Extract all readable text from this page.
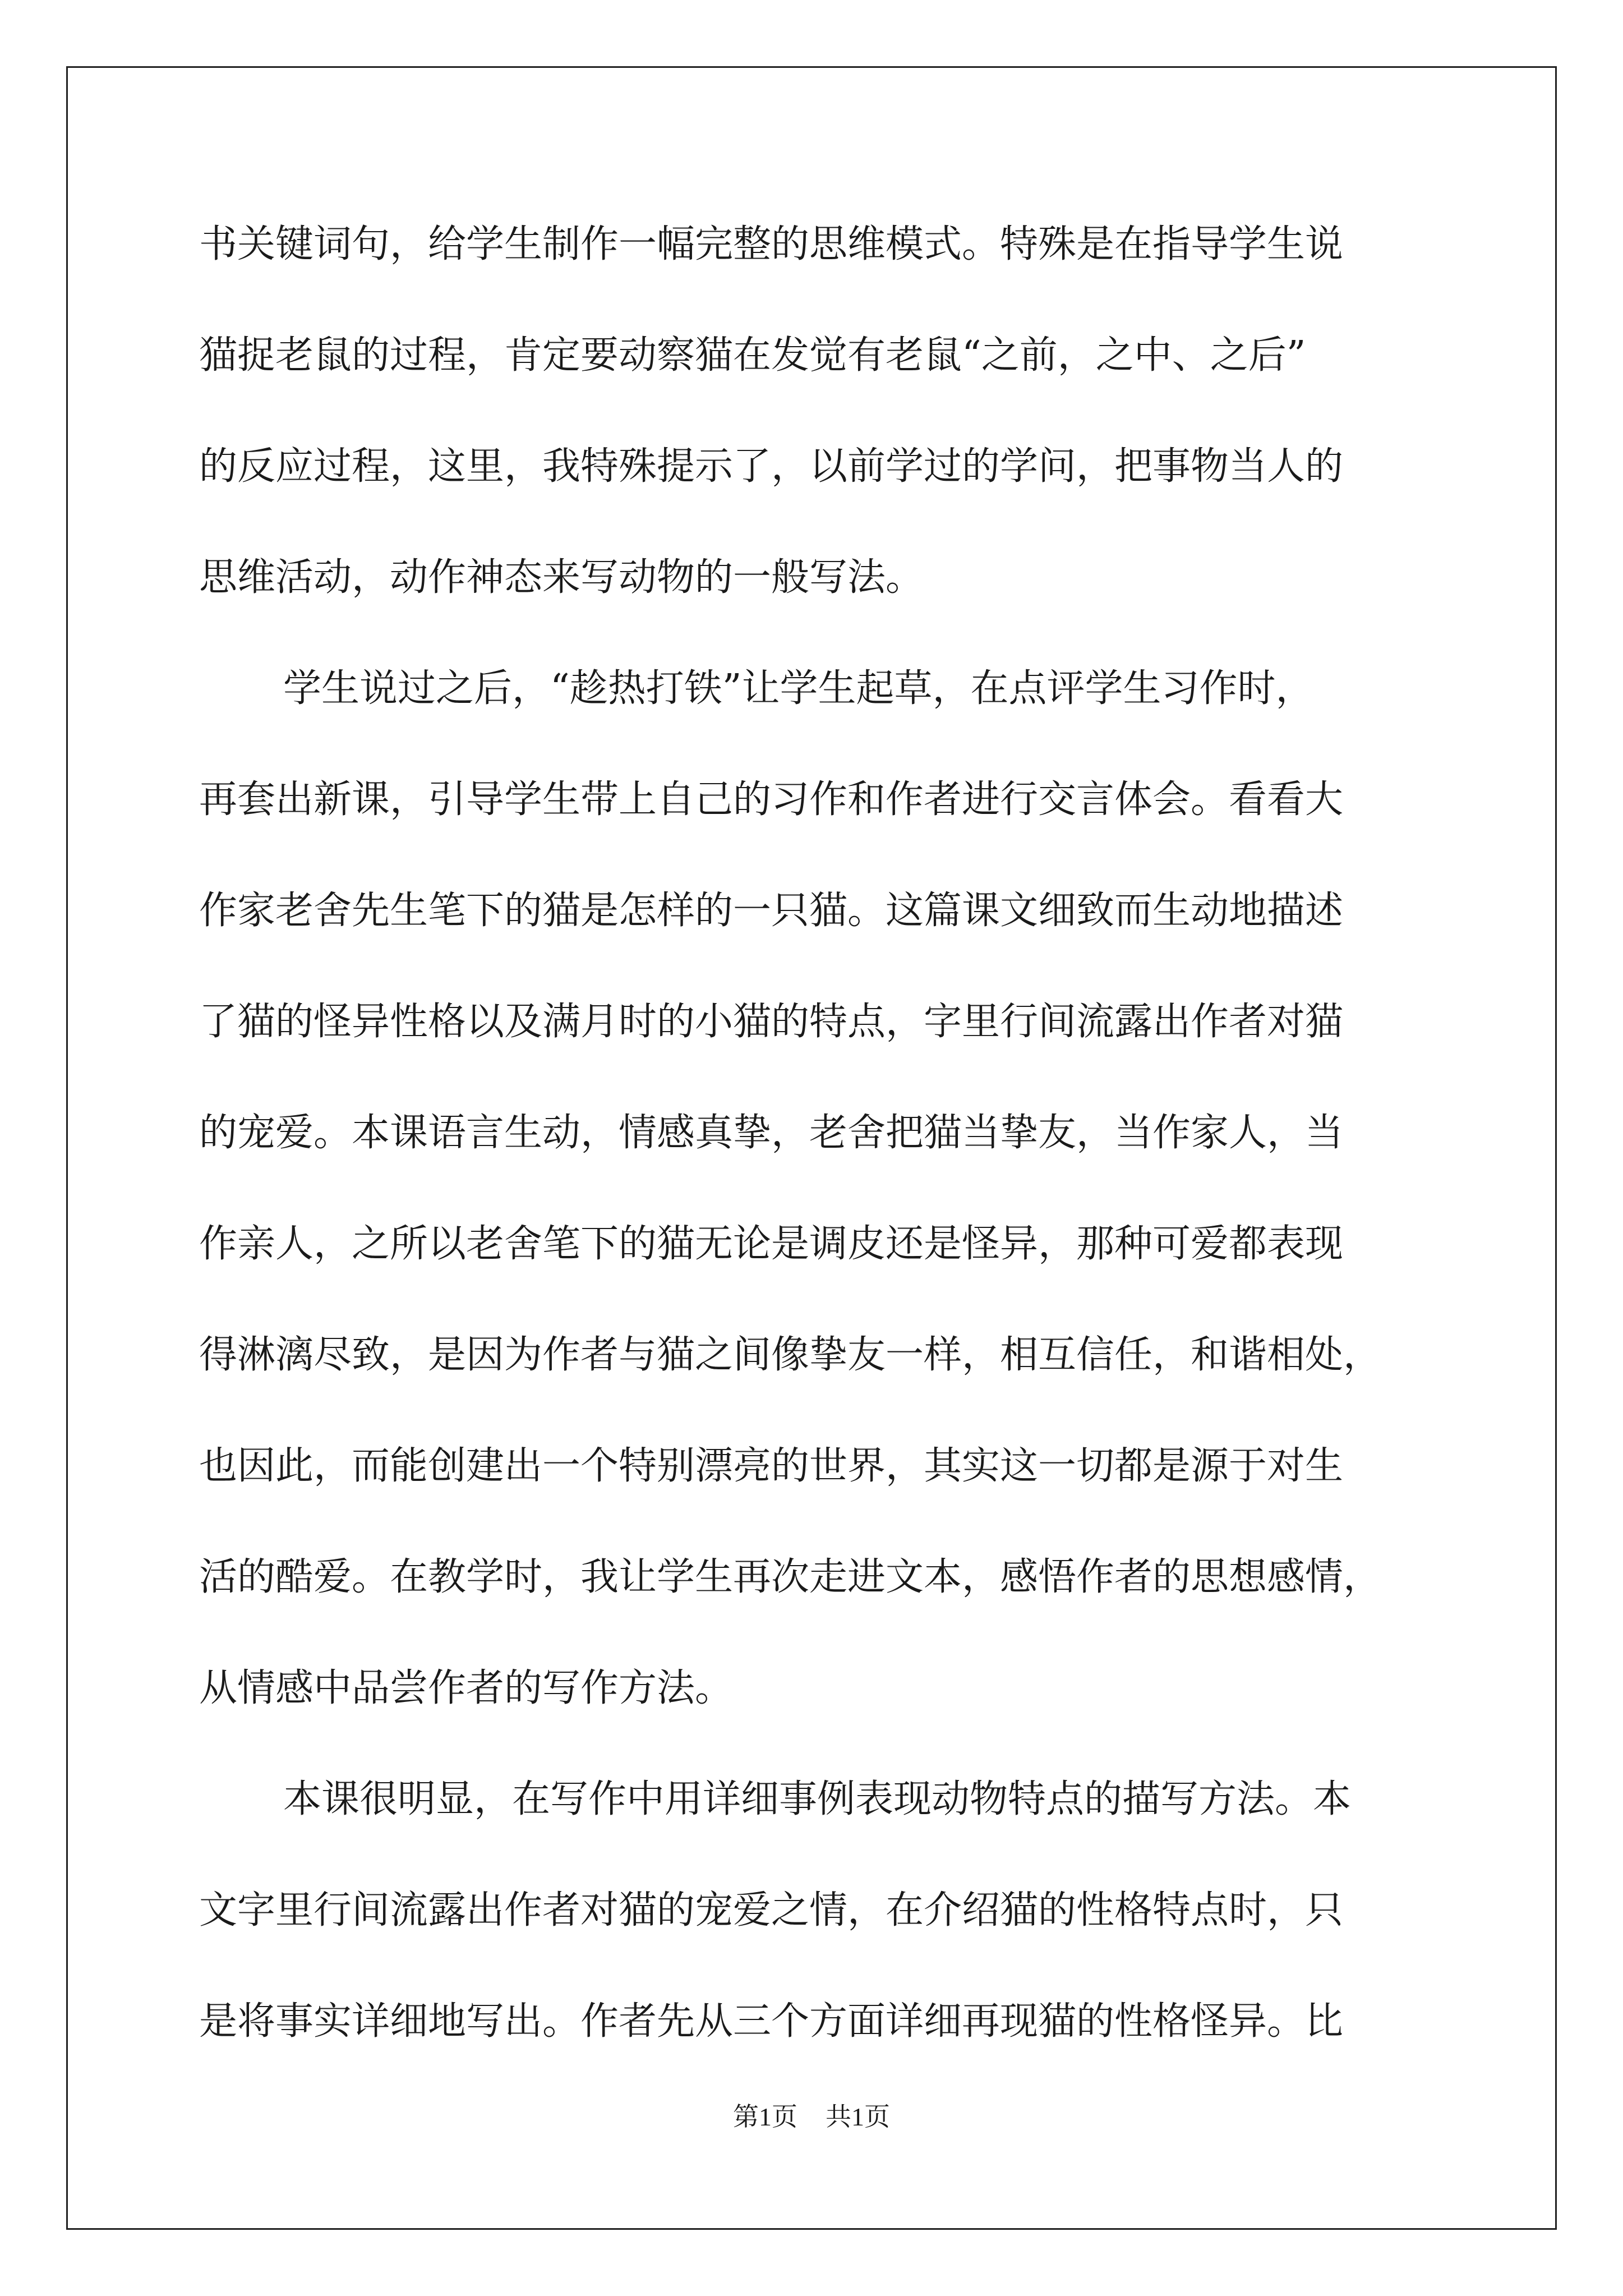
书关键词句，给学生制作一幅完整的思维模式。特殊是在指导学生说
猫捉老鼠的过程，肯定要动察猫在发觉有老鼠“之前，之中、之后”
的反应过程，这里，我特殊提示了，以前学过的学问，把事物当人的
思维活动，动作神态来写动物的一般写法。
学生说过之后，“趁热打铁”让学生起草，在点评学生习作时，
再套出新课，引导学生带上自己的习作和作者进行交言体会。看看大
作家老舍先生笔下的猫是怎样的一只猫。这篇课文细致而生动地描述
了猫的怪异性格以及满月时的小猫的特点，字里行间流露出作者对猫
的宠爱。本课语言生动，情感真挚，老舍把猫当挚友，当作家人，当
作亲人，之所以老舍笔下的猫无论是调皮还是怪异，那种可爱都表现
得淋漓尽致，是因为作者与猫之间像挚友一样，相互信任，和谐相处，
也因此，而能创建出一个特别漂亮的世界，其实这一切都是源于对生
活的酷爱。在教学时，我让学生再次走进文本，感悟作者的思想感情，
从情感中品尝作者的写作方法。
本课很明显，在写作中用详细事例表现动物特点的描写方法。本
文字里行间流露出作者对猫的宠爱之情，在介绍猫的性格特点时，只
是将事实详细地写出。作者先从三个方面详细再现猫的性格怪异。比
第1页 共1页
